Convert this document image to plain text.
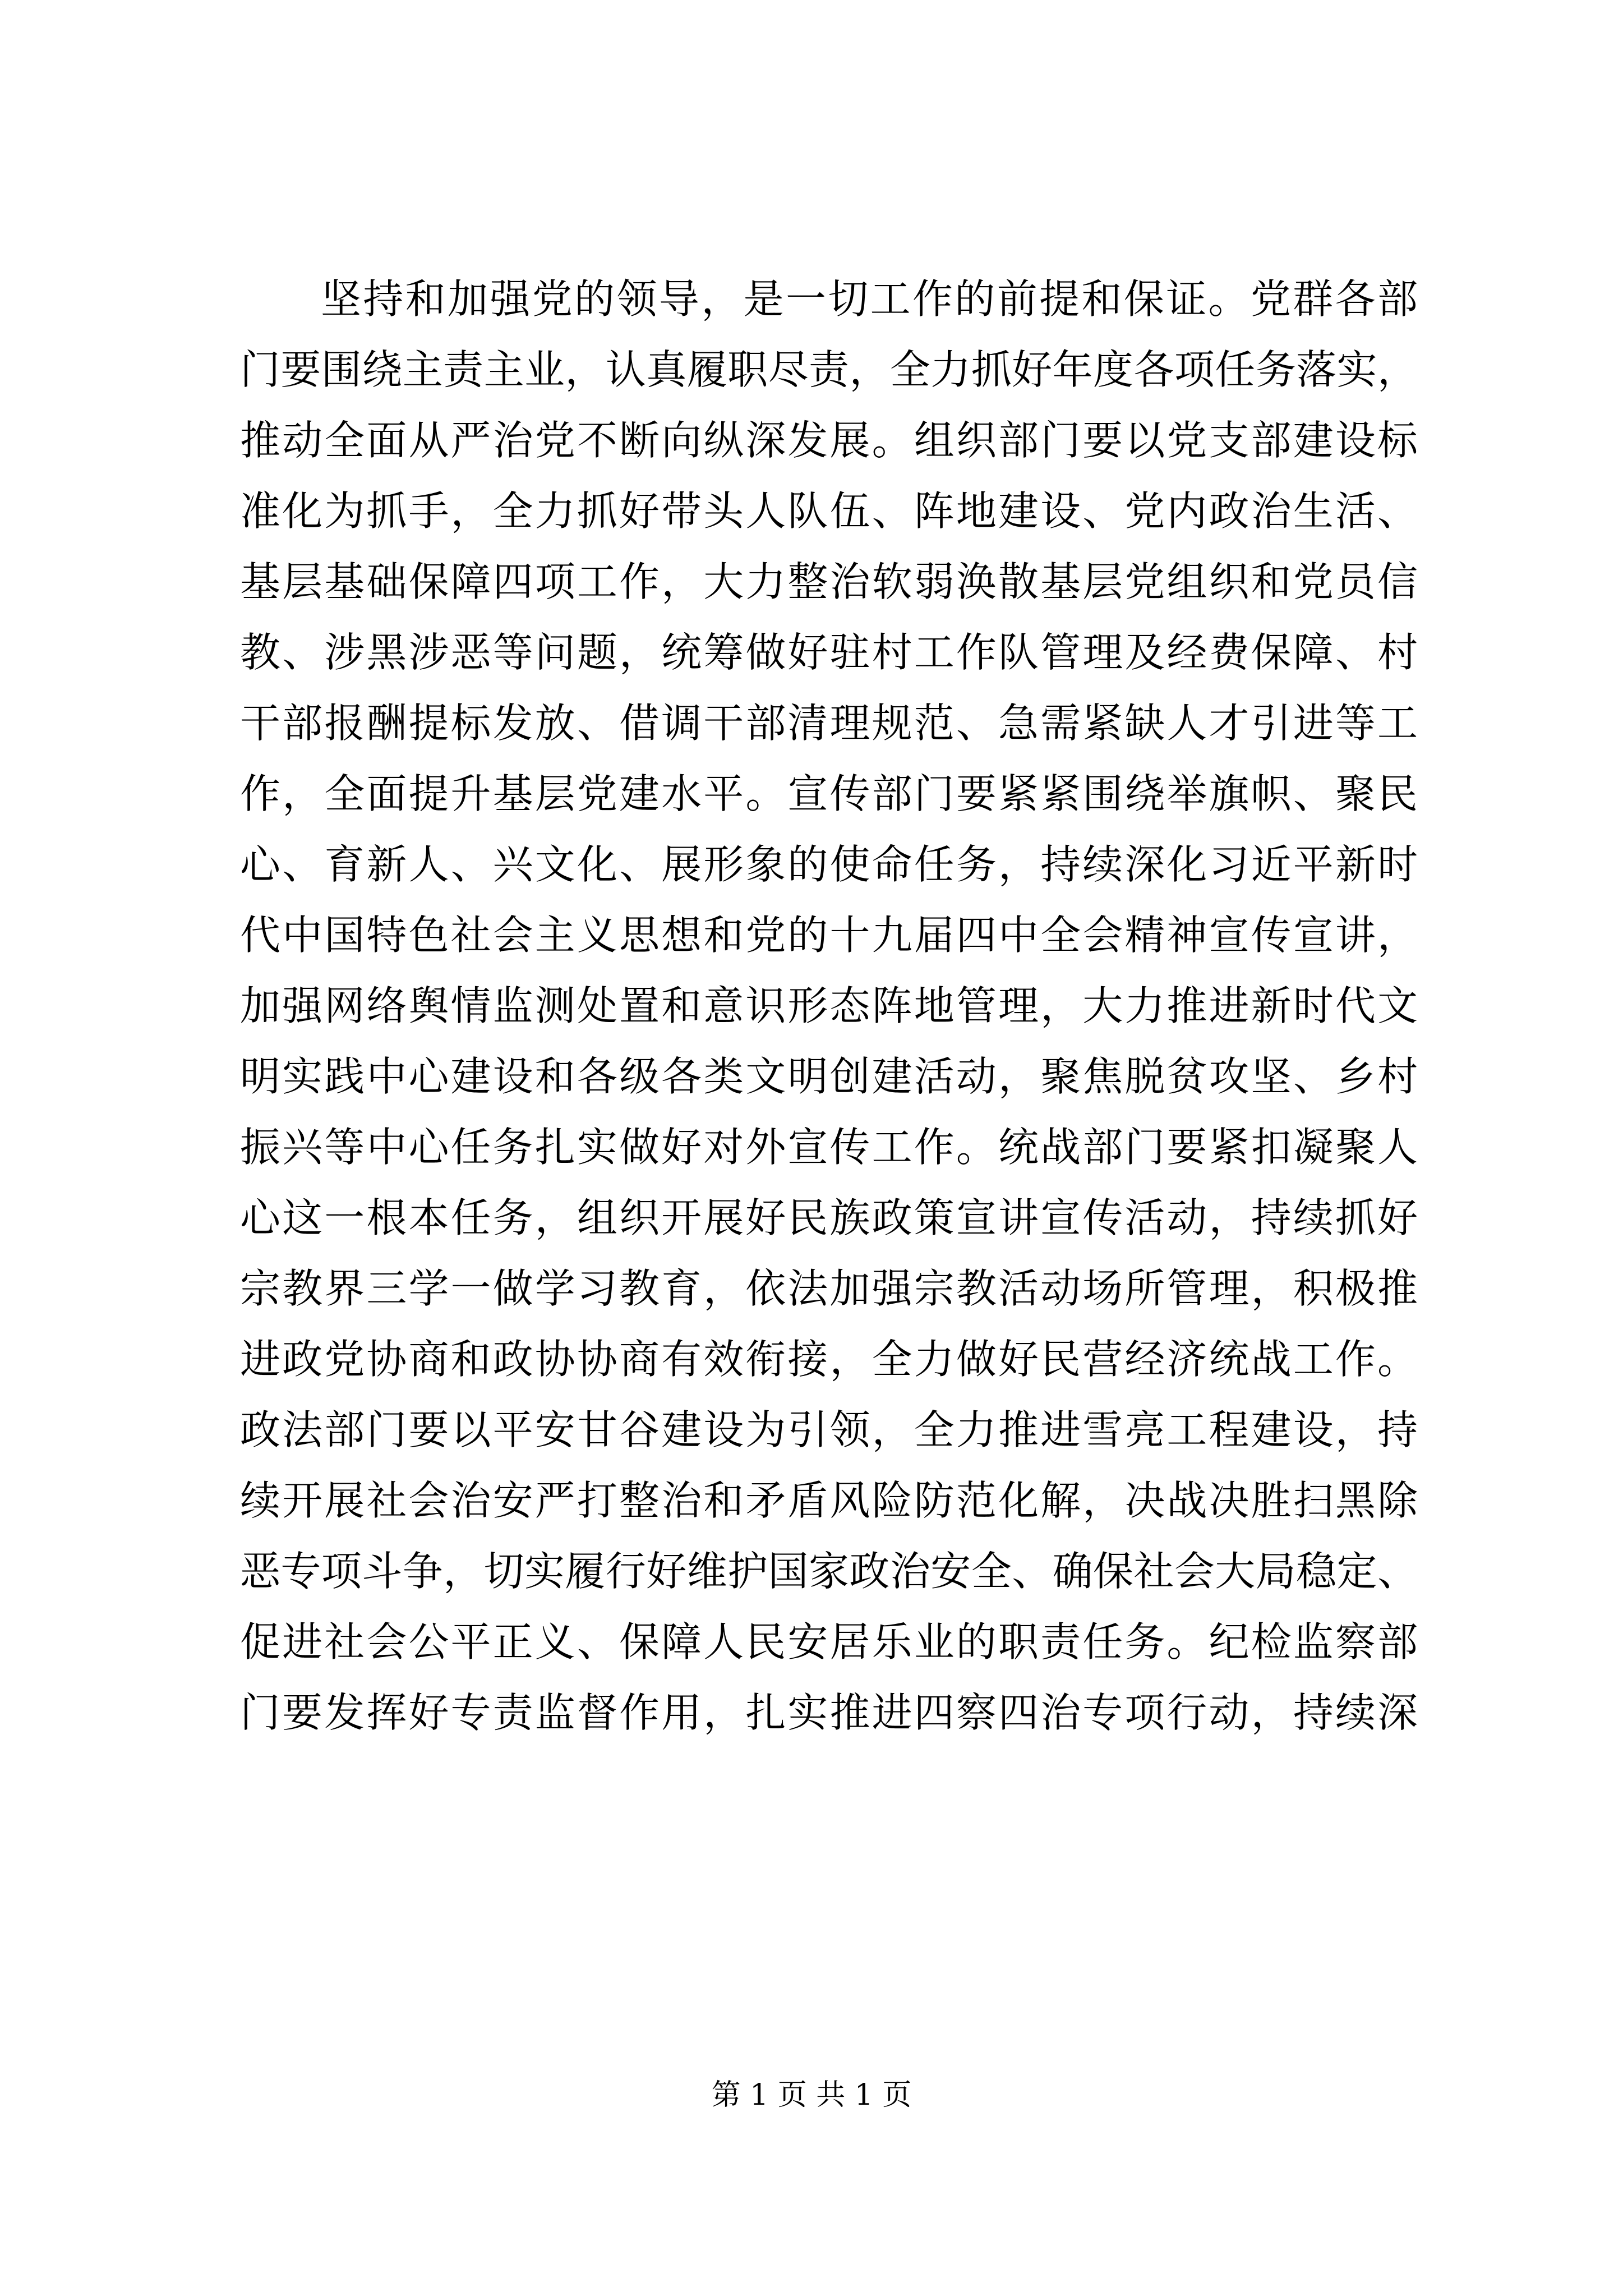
坚持和加强党的领导，是一切工作的前提和保证。党群各部
门要围绕主责主业，认真履职尽责，全力抓好年度各项任务落实，
推动全面从严治党不断向纵深发展。组织部门要以党支部建设标
准化为抓手，全力抓好带头人队伍、阵地建设、党内政治生活、
基层基础保障四项工作，大力整治软弱涣散基层党组织和党员信
教、涉黑涉恶等问题，统筹做好驻村工作队管理及经费保障、村
干部报酬提标发放、借调干部清理规范、急需紧缺人才引进等工
作，全面提升基层党建水平。宣传部门要紧紧围绕举旗帜、聚民
心、育新人、兴文化、展形象的使命任务，持续深化习近平新时
代中国特色社会主义思想和党的十九届四中全会精神宣传宣讲，
加强网络舆情监测处置和意识形态阵地管理，大力推进新时代文
明实践中心建设和各级各类文明创建活动，聚焦脱贫攻坚、乡村
振兴等中心任务扎实做好对外宣传工作。统战部门要紧扣凝聚人
心这一根本任务，组织开展好民族政策宣讲宣传活动，持续抓好
宗教界三学一做学习教育，依法加强宗教活动场所管理，积极推
进政党协商和政协协商有效衔接，全力做好民营经济统战工作。
政法部门要以平安甘谷建设为引领，全力推进雪亮工程建设，持
续开展社会治安严打整治和矛盾风险防范化解，决战决胜扫黑除
恶专项斗争，切实履行好维护国家政治安全、确保社会大局稳定、
促进社会公平正义、保障人民安居乐业的职责任务。纪检监察部
门要发挥好专责监督作用，扎实推进四察四治专项行动，持续深
第 1 页 共 1 页
